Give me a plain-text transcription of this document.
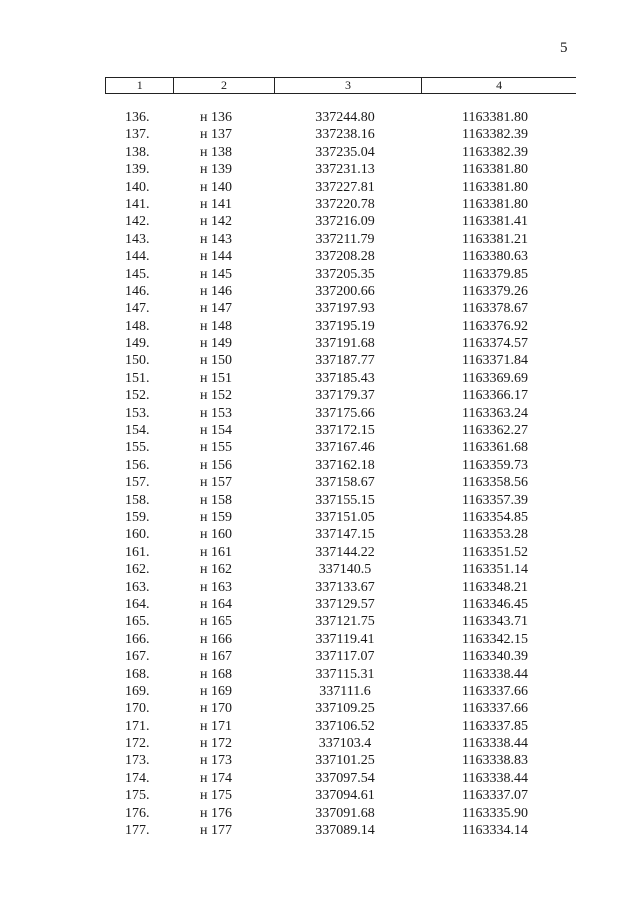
5
1	2	3	4
136.	н 136	337244.80	1163381.80
137.	н 137	337238.16	1163382.39
138.	н 138	337235.04	1163382.39
139.	н 139	337231.13	1163381.80
140.	н 140	337227.81	1163381.80
141.	н 141	337220.78	1163381.80
142.	н 142	337216.09	1163381.41
143.	н 143	337211.79	1163381.21
144.	н 144	337208.28	1163380.63
145.	н 145	337205.35	1163379.85
146.	н 146	337200.66	1163379.26
147.	н 147	337197.93	1163378.67
148.	н 148	337195.19	1163376.92
149.	н 149	337191.68	1163374.57
150.	н 150	337187.77	1163371.84
151.	н 151	337185.43	1163369.69
152.	н 152	337179.37	1163366.17
153.	н 153	337175.66	1163363.24
154.	н 154	337172.15	1163362.27
155.	н 155	337167.46	1163361.68
156.	н 156	337162.18	1163359.73
157.	н 157	337158.67	1163358.56
158.	н 158	337155.15	1163357.39
159.	н 159	337151.05	1163354.85
160.	н 160	337147.15	1163353.28
161.	н 161	337144.22	1163351.52
162.	н 162	337140.5	1163351.14
163.	н 163	337133.67	1163348.21
164.	н 164	337129.57	1163346.45
165.	н 165	337121.75	1163343.71
166.	н 166	337119.41	1163342.15
167.	н 167	337117.07	1163340.39
168.	н 168	337115.31	1163338.44
169.	н 169	337111.6	1163337.66
170.	н 170	337109.25	1163337.66
171.	н 171	337106.52	1163337.85
172.	н 172	337103.4	1163338.44
173.	н 173	337101.25	1163338.83
174.	н 174	337097.54	1163338.44
175.	н 175	337094.61	1163337.07
176.	н 176	337091.68	1163335.90
177.	н 177	337089.14	1163334.14
